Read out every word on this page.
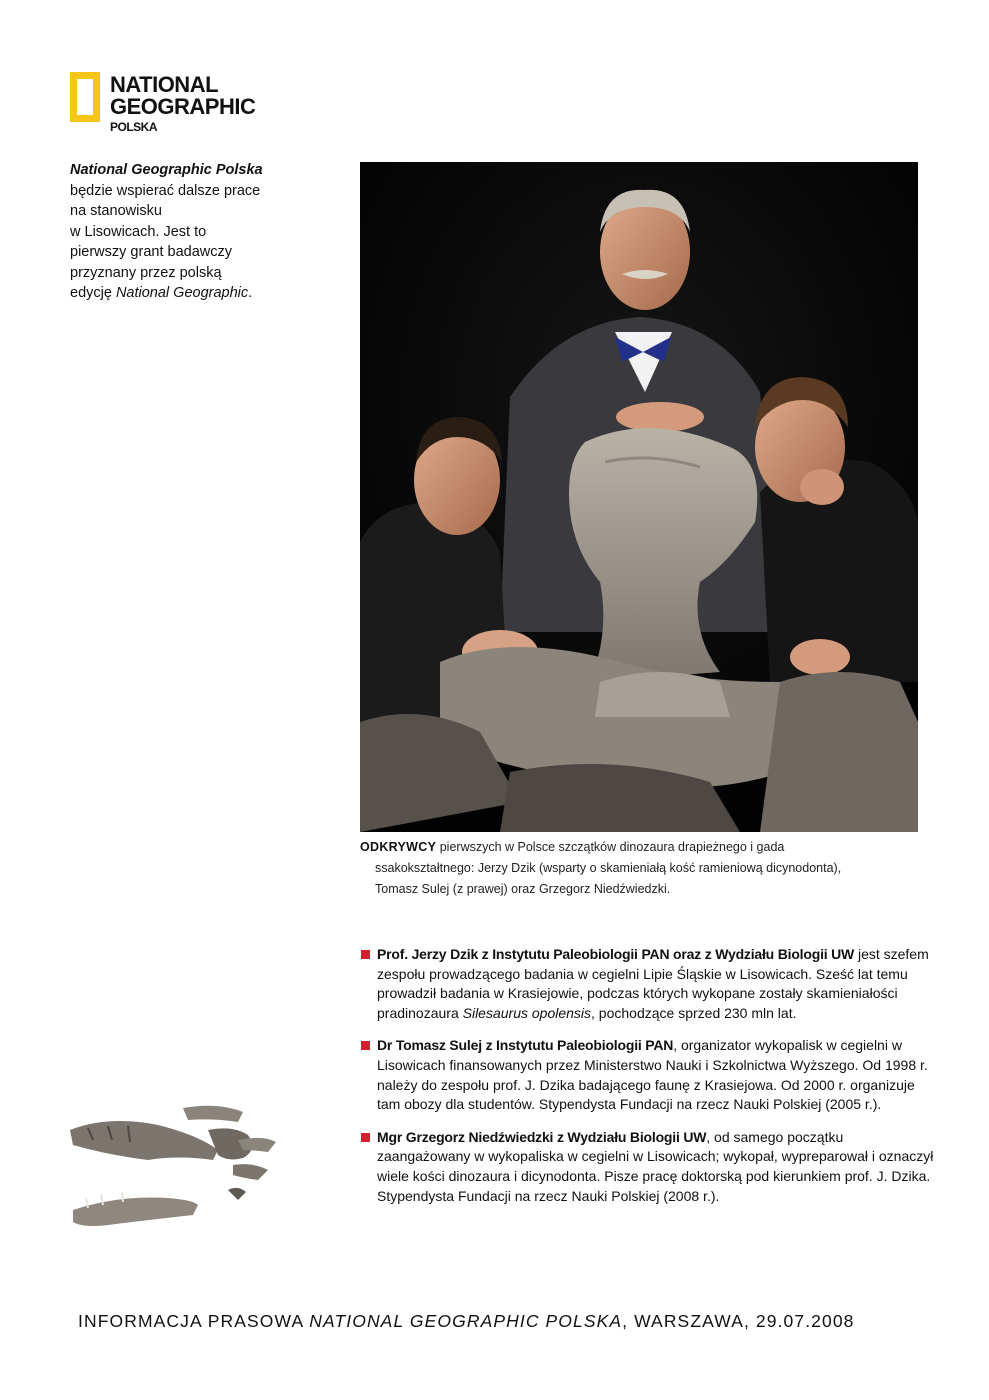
NATIONAL
GEOGRAPHIC
POLSKA
National Geographic Polska
będzie wspierać dalsze prace
na stanowisku
w Lisowicach. Jest to
pierwszy grant badawczy
przyznany przez polską
edycję National Geographic.
ODKRYWCY pierwszych w Polsce szczątków dinozaura drapieżnego i gada
ssakokształtnego: Jerzy Dzik (wsparty o skamieniałą kość ramieniową dicynodonta),
Tomasz Sulej (z prawej) oraz Grzegorz Niedźwiedzki.
Prof. Jerzy Dzik z Instytutu Paleobiologii PAN oraz z Wydziału Biologii UW jest szefem zespołu prowadzącego badania w cegielni Lipie Śląskie w Lisowicach. Sześć lat temu prowadził badania w Krasiejowie, podczas których wykopane zostały skamieniałości pradinozaura Silesaurus opolensis, pochodzące sprzed 230 mln lat.
Dr Tomasz Sulej z Instytutu Paleobiologii PAN, organizator wykopalisk w cegielni w Lisowicach finansowanych przez Ministerstwo Nauki i Szkolnictwa Wyższego. Od 1998 r. należy do zespołu prof. J. Dzika badającego faunę z Krasiejowa. Od 2000 r. organizuje tam obozy dla studentów. Stypendysta Fundacji na rzecz Nauki Polskiej (2005 r.).
Mgr Grzegorz Niedźwiedzki z Wydziału Biologii UW, od samego początku zaangażowany w wykopaliska w cegielni w Lisowicach; wykopał, wypreparował i oznaczył wiele kości dinozaura i dicynodonta. Pisze pracę doktorską pod kierunkiem prof. J. Dzika. Stypendysta Fundacji na rzecz Nauki Polskiej (2008 r.).
INFORMACJA PRASOWA NATIONAL GEOGRAPHIC POLSKA, WARSZAWA, 29.07.2008
